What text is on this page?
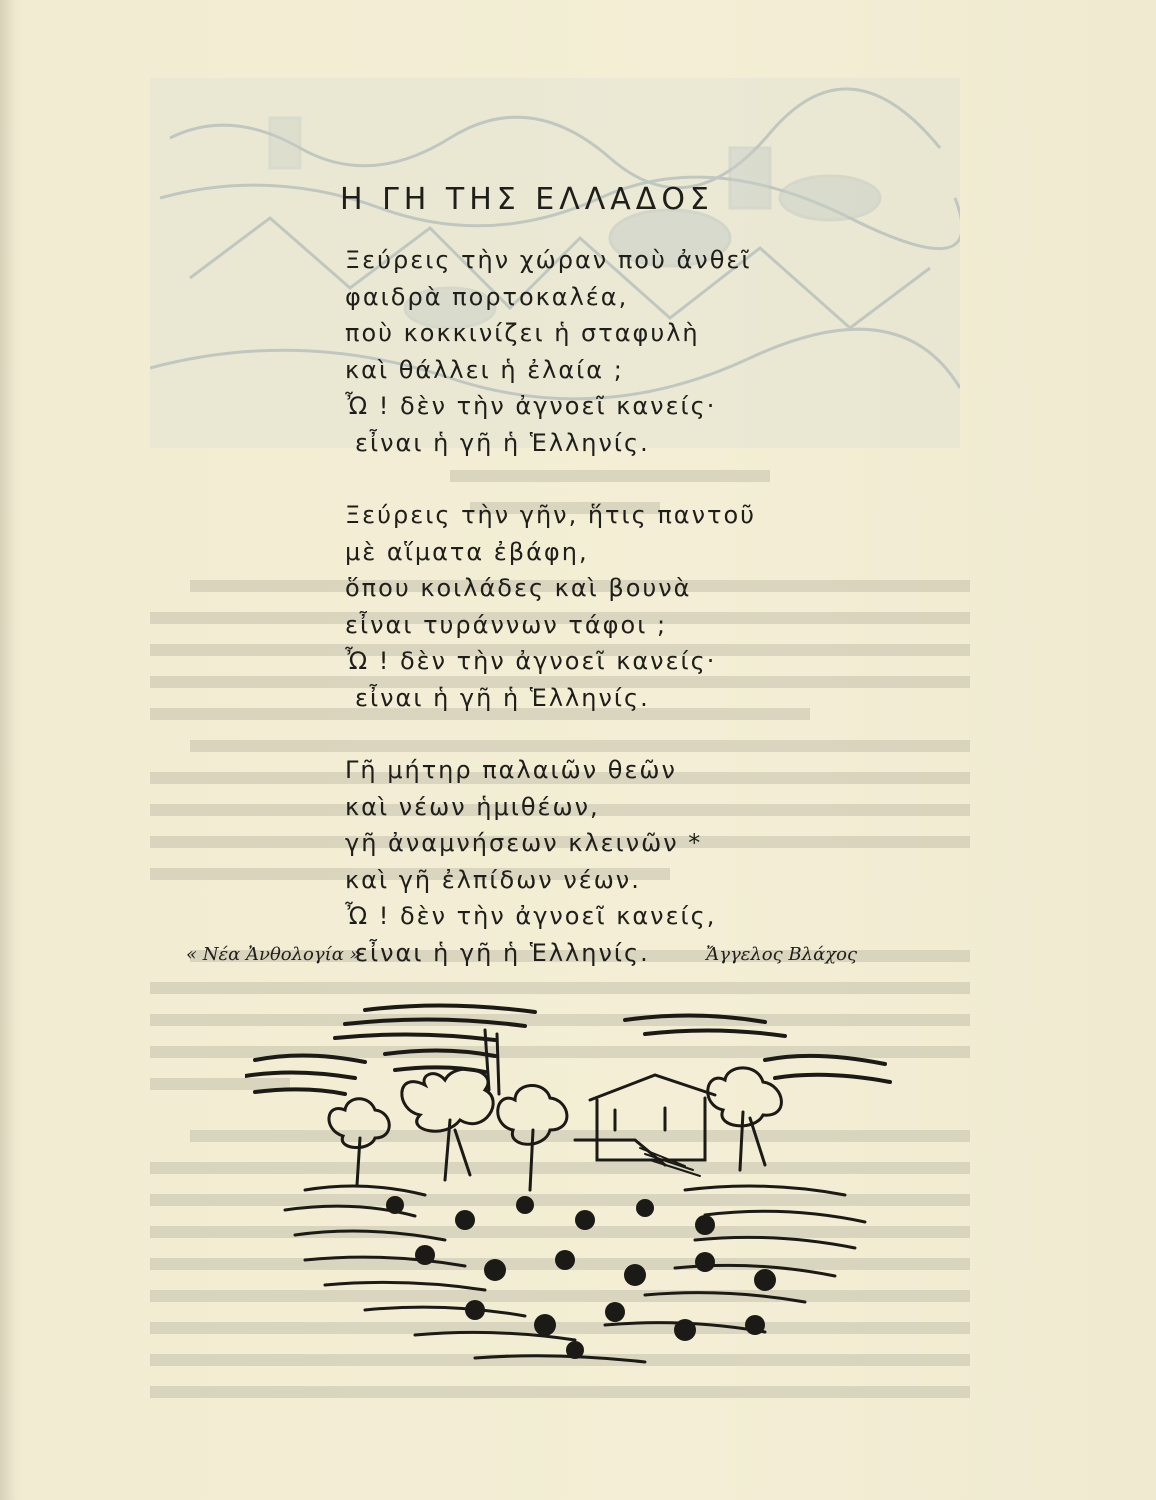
Η ΓΗ ΤΗΣ ΕΛΛΑΔΟΣ
Ξεύρεις τὴν χώραν ποὺ ἀνθεῖ
φαιδρὰ πορτοκαλέα,
ποὺ κοκκινίζει ἡ σταφυλὴ
καὶ θάλλει ἡ ἐλαία ;
Ὦ ! δὲν τὴν ἀγνοεῖ κανείς·
εἶναι ἡ γῆ ἡ Ἑλληνίς.
Ξεύρεις τὴν γῆν, ἥτις παντοῦ
μὲ αἵματα ἐβάφη,
ὅπου κοιλάδες καὶ βουνὰ
εἶναι τυράννων τάφοι ;
Ὦ ! δὲν τὴν ἀγνοεῖ κανείς·
εἶναι ἡ γῆ ἡ Ἑλληνίς.
Γῆ μήτηρ παλαιῶν θεῶν
καὶ νέων ἡμιθέων,
γῆ ἀναμνήσεων κλεινῶν *
καὶ γῆ ἐλπίδων νέων.
Ὦ ! δὲν τὴν ἀγνοεῖ κανείς,
εἶναι ἡ γῆ ἡ Ἑλληνίς.
« Νέα Ἀνθολογία »	Ἄγγελος Βλάχος
